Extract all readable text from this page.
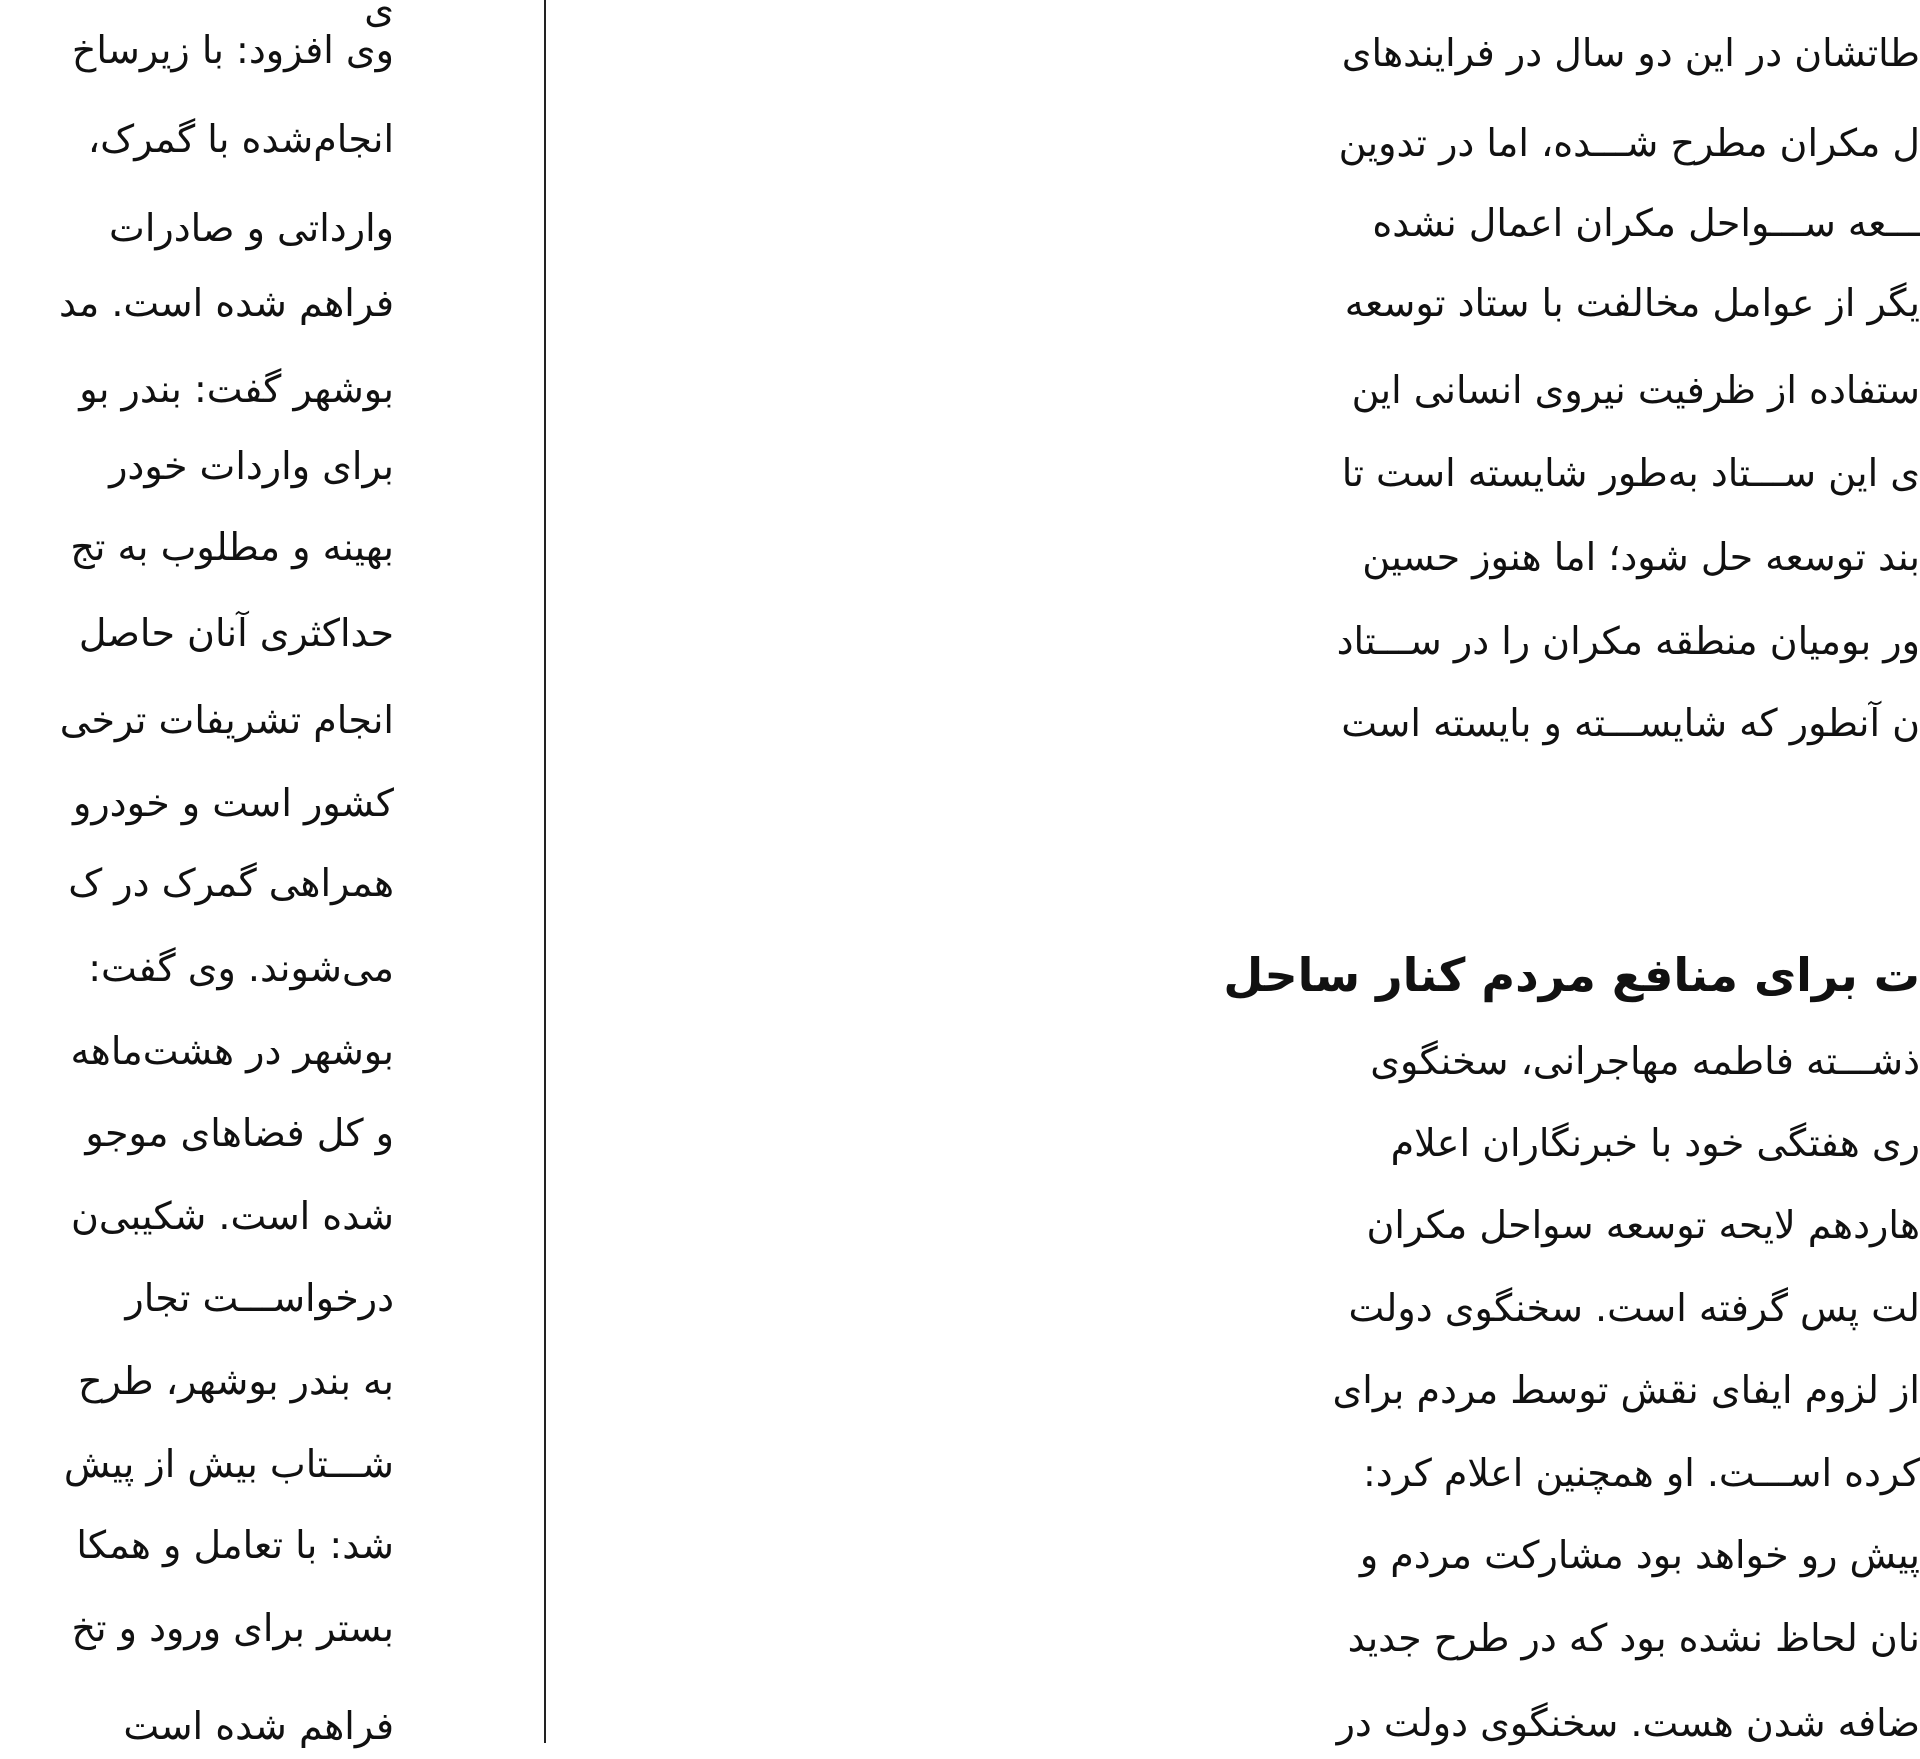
ی
وی افزود: با زیرساخ
انجام‌شده با گمرک،
وارداتی و صادرات
فراهم شده است. مد
بوشهر گفت: بندر بو
برای واردات خودر
بهینه و مطلوب به تج
حداکثری آنان حاصل
انجام تشریفات ترخی
کشور است و خودرو
همراهی گمرک در ک
می‌شوند. وی گفت:
بوشهر در هشت‌ماهه
و کل فضاهای موجو
شده است. شکیبی‌ن
درخواســـت تجار
به بندر بوشهر، طرح
شـــتاب بیش از پیش
شد: با تعامل و همکا
بستر برای ورود و تخ
فراهم شده است
طاتشان در این دو سال در فرایندهای
ل مکران مطرح شـــده، اما در تدوین
ـــعه ســـواحل مکران اعمال نشده
یگر از عوامل مخالفت با ستاد توسعه
ستفاده از ظرفیت نیروی انسانی این
ی این ســـتاد به‌طور شایسته است تا
بند توسعه حل شود؛ اما هنوز حسین
ور بومیان منطقه مکران را در ســـتاد
ن آنطور که شایســـته و بایسته است
ت برای منافع مردم کنار ساحل
ذشـــته فاطمه مهاجرانی، سخنگوی
ری هفتگی خود با خبرنگاران اعلام
هاردهم لایحه توسعه سواحل مکران
لت پس گرفته است. سخنگوی دولت
از لزوم ایفای نقش توسط مردم برای
کرده اســـت. او همچنین اعلام کرد:
پیش رو خواهد بود مشارکت مردم و
نان لحاظ نشده بود که در طرح جدید
ضافه شدن هست. سخنگوی دولت در
